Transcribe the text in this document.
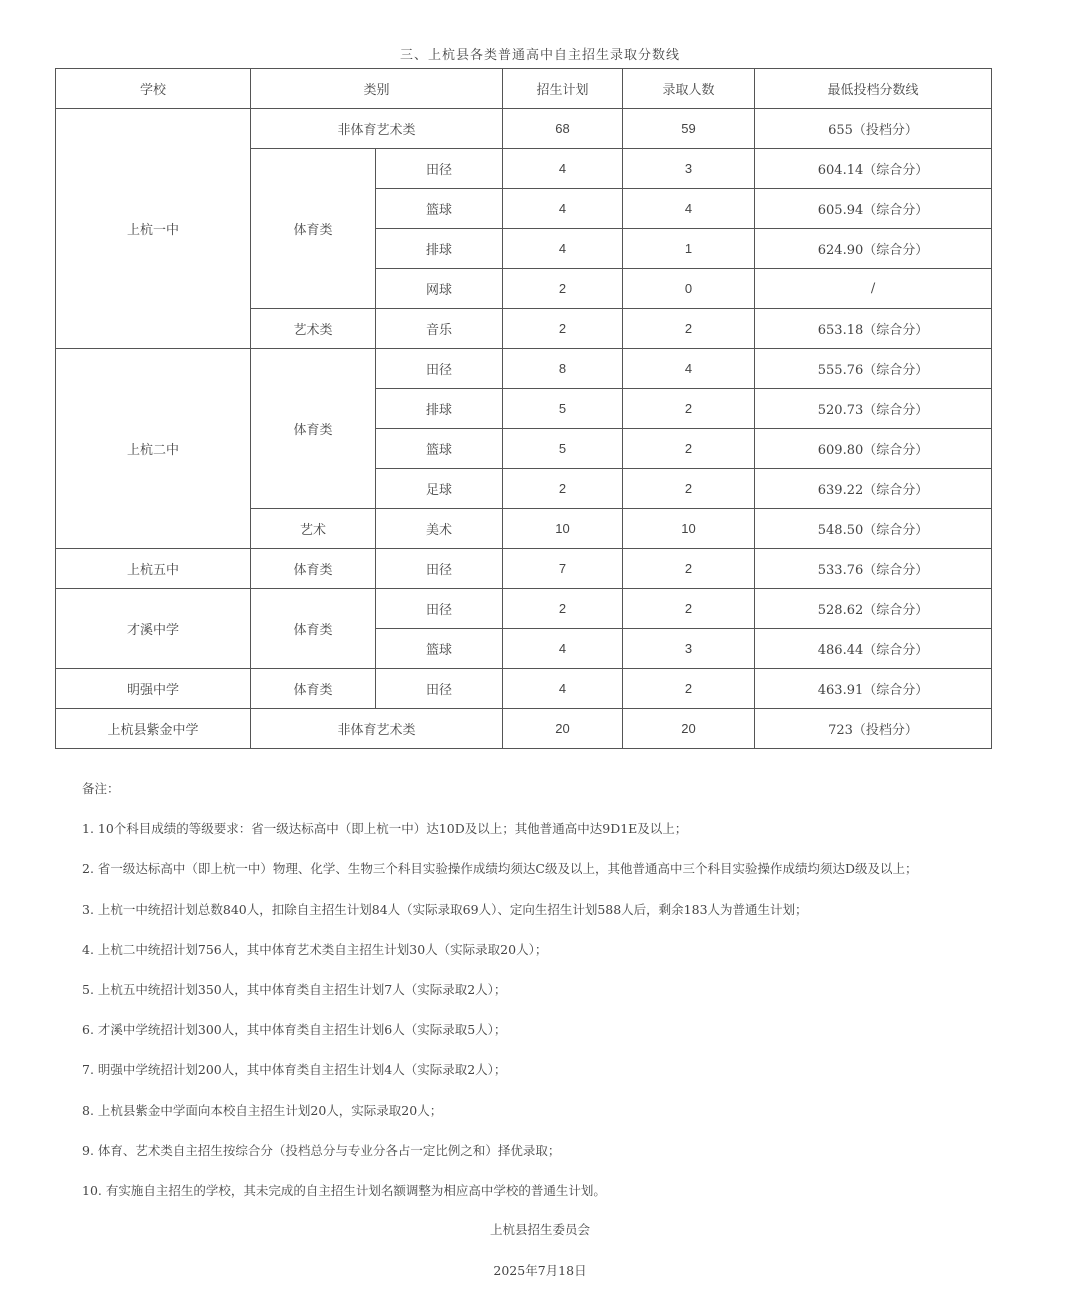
三、上杭县各类普通高中自主招生录取分数线
学校	类别		招生计划	录取人数	最低投档分数线
上杭一中	非体育艺术类		68	59	655（投档分）
	体育类	田径	4	3	604.14（综合分）
		篮球	4	4	605.94（综合分）
		排球	4	1	624.90（综合分）
		网球	2	0	/
	艺术类	音乐	2	2	653.18（综合分）
上杭二中	体育类	田径	8	4	555.76（综合分）
		排球	5	2	520.73（综合分）
		篮球	5	2	609.80（综合分）
		足球	2	2	639.22（综合分）
	艺术	美术	10	10	548.50（综合分）
上杭五中	体育类	田径	7	2	533.76（综合分）
才溪中学	体育类	田径	2	2	528.62（综合分）
		篮球	4	3	486.44（综合分）
明强中学	体育类	田径	4	2	463.91（综合分）
上杭县紫金中学	非体育艺术类		20	20	723（投档分）
备注：
1. 10个科目成绩的等级要求：省一级达标高中（即上杭一中）达10D及以上；其他普通高中达9D1E及以上；
2. 省一级达标高中（即上杭一中）物理、化学、生物三个科目实验操作成绩均须达C级及以上，其他普通高中三个科目实验操作成绩均须达D级及以上；
3. 上杭一中统招计划总数840人，扣除自主招生计划84人（实际录取69人）、定向生招生计划588人后，剩余183人为普通生计划；
4. 上杭二中统招计划756人，其中体育艺术类自主招生计划30人（实际录取20人）；
5. 上杭五中统招计划350人，其中体育类自主招生计划7人（实际录取2人）；
6. 才溪中学统招计划300人，其中体育类自主招生计划6人（实际录取5人）；
7. 明强中学统招计划200人，其中体育类自主招生计划4人（实际录取2人）；
8. 上杭县紫金中学面向本校自主招生计划20人，实际录取20人；
9. 体育、艺术类自主招生按综合分（投档总分与专业分各占一定比例之和）择优录取；
10. 有实施自主招生的学校，其未完成的自主招生计划名额调整为相应高中学校的普通生计划。
上杭县招生委员会
2025年7月18日
